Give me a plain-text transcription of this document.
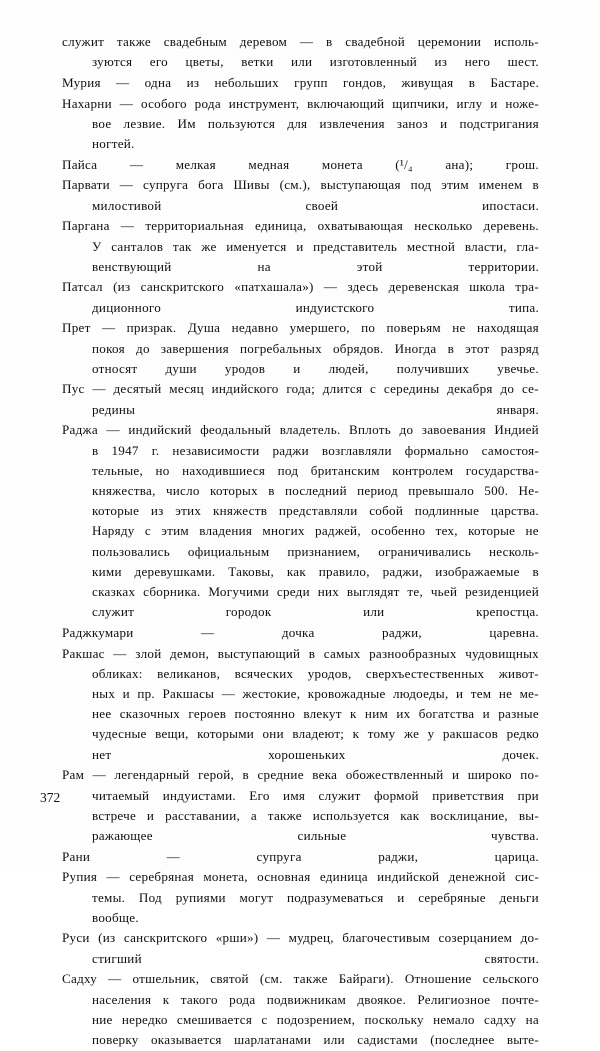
служит также свадебным деревом — в свадебной церемонии исполь-
зуются его цветы, ветки или изготовленный из него шест.
Мурия — одна из небольших групп гондов, живущая в Бастаре.
Нахарни — особого рода инструмент, включающий щипчики, иглу и ноже-
вое лезвие. Им пользуются для извлечения заноз и подстригания
ногтей.
Пайса — мелкая медная монета (¹/₄ ана); грош.
Парвати — супруга бога Шивы (см.), выступающая под этим именем в
милостивой	своей	ипостаси.
Паргана — территориальная единица, охватывающая несколько деревень.
У санталов так же именуется и представитель местной власти, гла-
венствующий	на	этой	территории.
Патсал (из санскритского «патхашала») — здесь деревенская школа тра-
диционного	индуистского	типа.
Прет — призрак. Душа недавно умершего, по поверьям не находящая
покоя до завершения погребальных обрядов. Иногда в этот разряд
относят души уродов и людей, получивших увечье.
Пус — десятый месяц индийского года; длится с середины декабря до се-
редины	января.
Раджа — индийский феодальный владетель. Вплоть до завоевания Индией
в 1947 г. независимости раджи возглавляли формально самостоя-
тельные, но находившиеся под британским контролем государства-
княжества, число которых в последний период превышало 500. Не-
которые из этих княжеств представляли собой подлинные царства.
Наряду с этим владения многих раджей, особенно тех, которые не
пользовались официальным признанием, ограничивались несколь-
кими деревушками. Таковы, как правило, раджи, изображаемые в
сказках сборника. Могучими среди них выглядят те, чьей резиденцией
служит	городок	или	крепостца.
Раджкумари	—	дочка	раджи,	царевна.
Ракшас — злой демон, выступающий в самых разнообразных чудовищных
обликах: великанов, всяческих уродов, сверхъестественных живот-
ных и пр. Ракшасы — жестокие, кровожадные людоеды, и тем не ме-
нее сказочных героев постоянно влекут к ним их богатства и разные
чудесные вещи, которыми они владеют; к тому же у ракшасов редко
нет	хорошеньких	дочек.
Рам — легендарный герой, в средние века обожествленный и широко по-
читаемый индуистами. Его имя служит формой приветствия при
встрече и расставании, а также используется как восклицание, вы-
ражающее	сильные	чувства.
Рани	—	супруга	раджи,	царица.
Рупия — серебряная монета, основная единица индийской денежной сис-
темы. Под рупиями могут подразумеваться и серебряные деньги
вообще.
Руси (из санскритского «рши») — мудрец, благочестивым созерцанием до-
стигший	святости.
Садху — отшельник, святой (см. также Байраги). Отношение сельского
населения к такого рода подвижникам двоякое. Религиозное почте-
ние нередко смешивается с подозрением, поскольку немало садху на
поверку оказывается шарлатанами или садистами (последнее выте-
372
